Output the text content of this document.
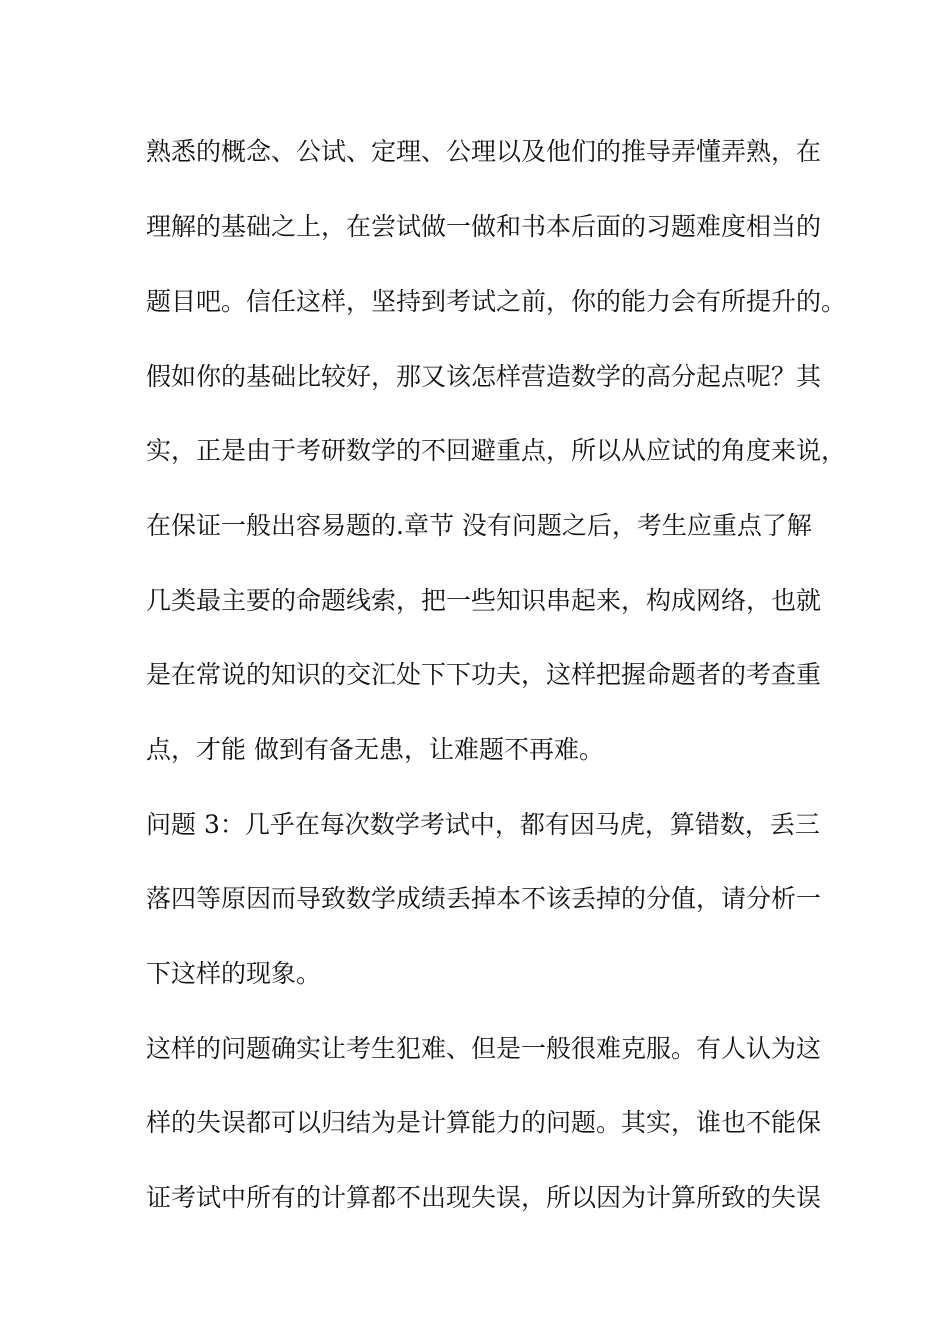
熟悉的概念、公试、定理、公理以及他们的推导弄懂弄熟，在
理解的基础之上，在尝试做一做和书本后面的习题难度相当的
题目吧。信任这样，坚持到考试之前，你的能力会有所提升的。
假如你的基础比较好，那又该怎样营造数学的高分起点呢？其
实，正是由于考研数学的不回避重点，所以从应试的角度来说，
在保证一般出容易题的.章节 没有问题之后，考生应重点了解
几类最主要的命题线索，把一些知识串起来，构成网络，也就
是在常说的知识的交汇处下下功夫，这样把握命题者的考查重
点，才能 做到有备无患，让难题不再难。
问题 3：几乎在每次数学考试中，都有因马虎，算错数，丢三
落四等原因而导致数学成绩丢掉本不该丢掉的分值，请分析一
下这样的现象。
这样的问题确实让考生犯难、但是一般很难克服。有人认为这
样的失误都可以归结为是计算能力的问题。其实，谁也不能保
证考试中所有的计算都不出现失误，所以因为计算所致的失误
